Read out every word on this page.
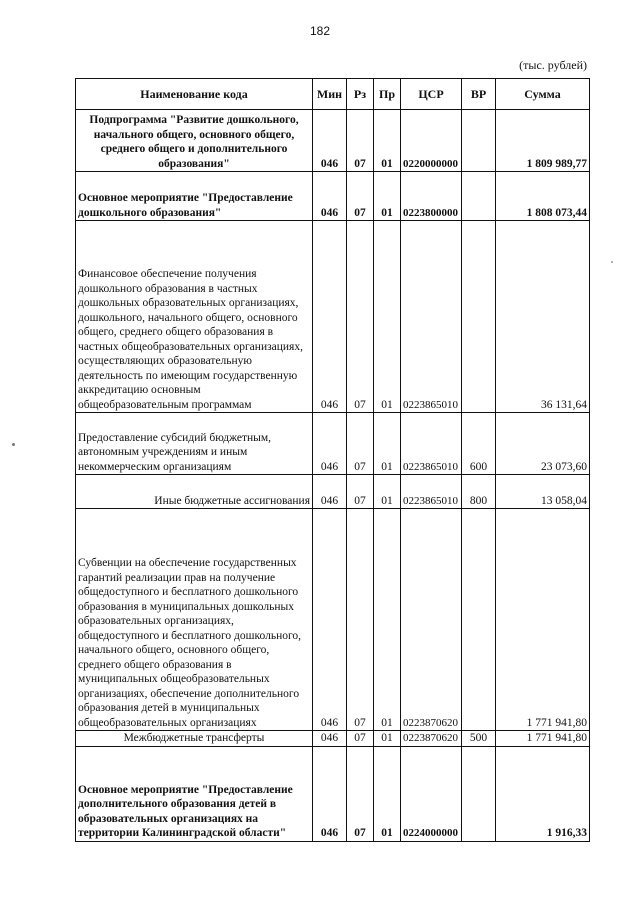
182
(тыс. рублей)
Наименование кода	Мин	Рз	Пр	ЦСР	ВР	Сумма
Подпрограмма "Развитие дошкольного, начального общего, основного общего, среднего общего и дополнительного образования"	046	07	01	0220000000		1 809 989,77
Основное мероприятие "Предоставление дошкольного образования"	046	07	01	0223800000		1 808 073,44
Финансовое обеспечение получения дошкольного образования в частных дошкольных образовательных организациях, дошкольного, начального общего, основного общего, среднего общего образования в частных общеобразовательных организациях, осуществляющих образовательную деятельность по имеющим государственную аккредитацию основным общеобразовательным программам	046	07	01	0223865010		36 131,64
Предоставление субсидий бюджетным, автономным учреждениям и иным некоммерческим организациям	046	07	01	0223865010	600	23 073,60
Иные бюджетные ассигнования	046	07	01	0223865010	800	13 058,04
Субвенции на обеспечение государственных гарантий реализации прав на получение общедоступного и бесплатного дошкольного образования в муниципальных дошкольных образовательных организациях, общедоступного и бесплатного дошкольного, начального общего, основного общего, среднего общего образования в муниципальных общеобразовательных организациях, обеспечение дополнительного образования детей в муниципальных общеобразовательных организациях	046	07	01	0223870620		1 771 941,80
Межбюджетные трансферты	046	07	01	0223870620	500	1 771 941,80
Основное мероприятие "Предоставление дополнительного образования детей в образовательных организациях на территории Калининградской области"	046	07	01	0224000000		1 916,33
